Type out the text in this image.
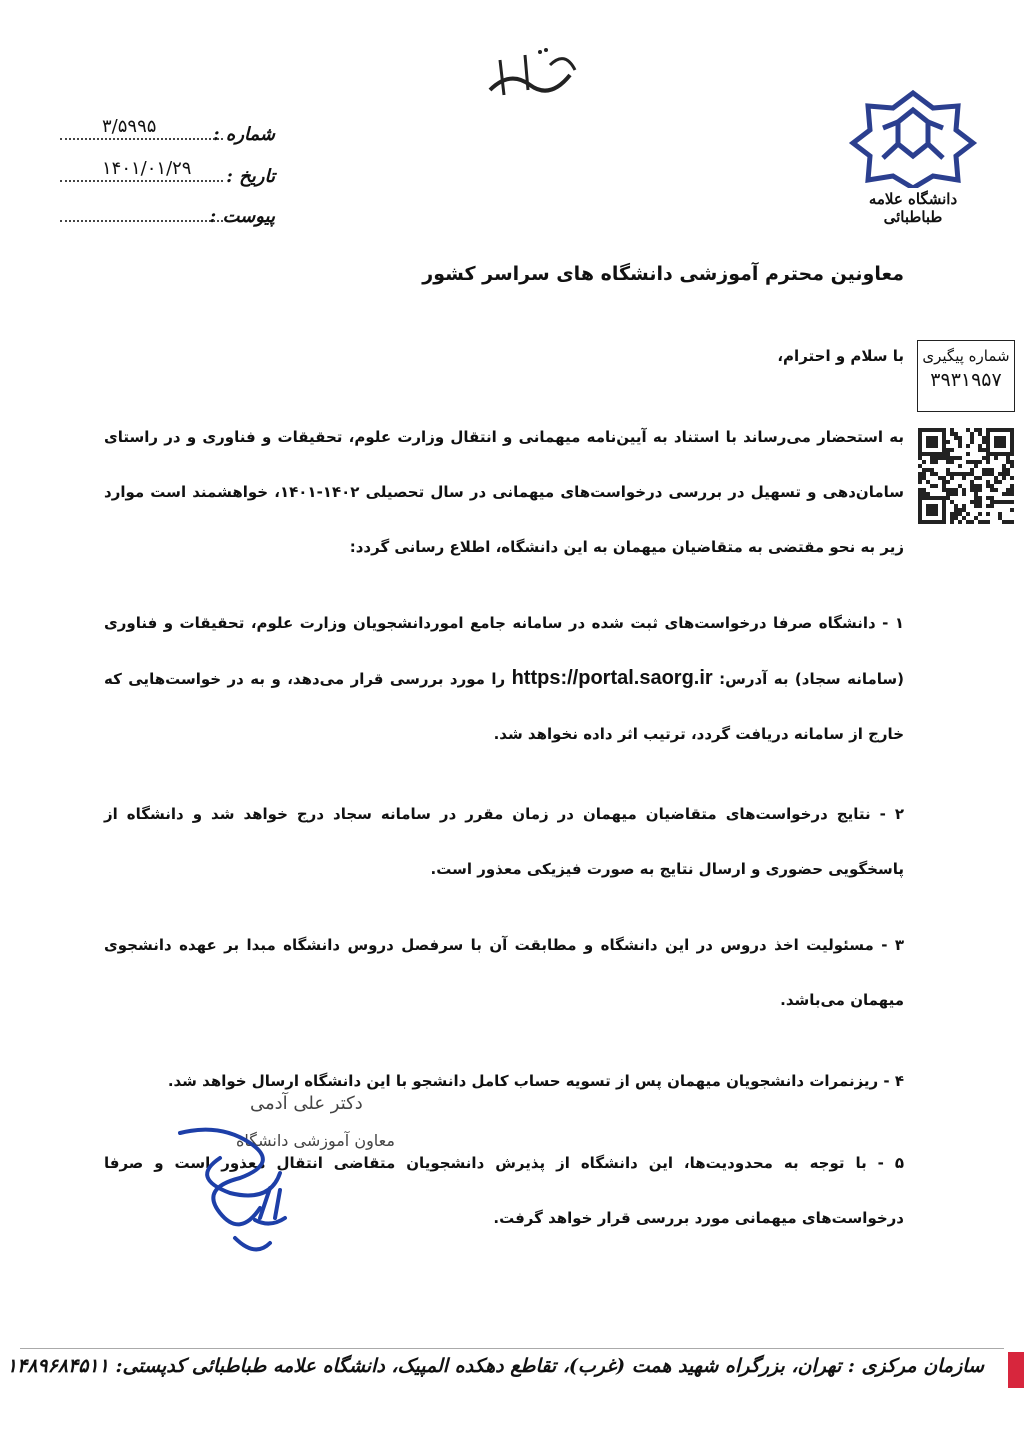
دانشگاه علامه طباطبائی
شماره :
۳/۵۹۹۵
تاریخ :
۱۴۰۱/۰۱/۲۹
پیوست :
معاونین محترم آموزشی دانشگاه های سراسر کشور
شماره پیگیری
۳۹۳۱۹۵۷
با سلام و احترام،
به استحضار می‌رساند با استناد به آیین‌نامه میهمانی و انتقال وزارت علوم، تحقیقات و فناوری و در راستای سامان‌دهی و تسهیل در بررسی درخواست‌های میهمانی در سال تحصیلی ۱۴۰۲-۱۴۰۱، خواهشمند است موارد زیر به نحو مقتضی به متقاضیان میهمان به این دانشگاه، اطلاع رسانی گردد:
۱ - دانشگاه صرفا درخواست‌های ثبت شده در سامانه جامع اموردانشجویان وزارت علوم، تحقیقات و فناوری (سامانه سجاد) به آدرس: https://portal.saorg.ir را مورد بررسی قرار می‌دهد، و به در خواست‌هایی که خارج از سامانه دریافت گردد، ترتیب اثر داده نخواهد شد.
۲ - نتایج درخواست‌های متقاضیان میهمان در زمان مقرر در سامانه سجاد درج خواهد شد و دانشگاه از پاسخگویی حضوری و ارسال نتایج به صورت فیزیکی معذور است.
۳ - مسئولیت اخذ دروس در این دانشگاه و مطابقت آن با سرفصل دروس دانشگاه مبدا بر عهده دانشجوی میهمان می‌باشد.
۴ - ریزنمرات دانشجویان میهمان پس از تسویه حساب کامل دانشجو با این دانشگاه ارسال خواهد شد.
۵ - با توجه به محدودیت‌ها، این دانشگاه از پذیرش دانشجویان متقاضی انتقال معذور است و صرفا درخواست‌های میهمانی مورد بررسی قرار خواهد گرفت.
دکتر علی آدمی
معاون آموزشی دانشگاه
سازمان مرکزی : تهران، بزرگراه شهید همت (غرب)، تقاطع دهکده المپیک، دانشگاه علامه طباطبائی کدپستی: ۱۴۸۹۶۸۴۵۱۱
